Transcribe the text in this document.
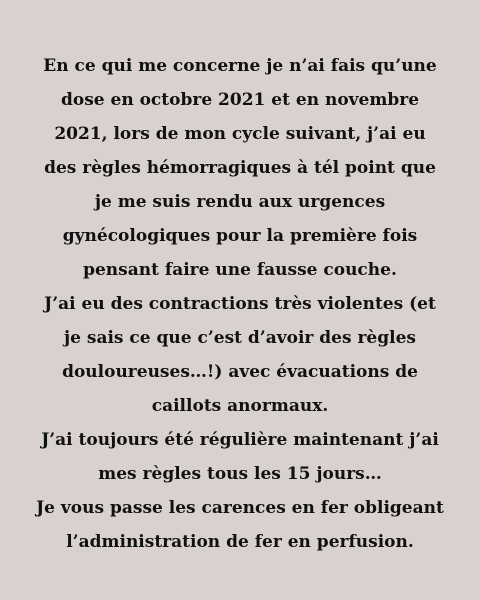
En ce qui me concerne je n’ai fais qu’une
dose en octobre 2021 et en novembre
2021, lors de mon cycle suivant, j’ai eu
des règles hémorragiques à tél point que
je me suis rendu aux urgences
gynécologiques pour la première fois
pensant faire une fausse couche.
J’ai eu des contractions très violentes (et
je sais ce que c’est d’avoir des règles
douloureuses…!) avec évacuations de
caillots anormaux.
J’ai toujours été régulière maintenant j’ai
mes règles tous les 15 jours…
Je vous passe les carences en fer obligeant
l’administration de fer en perfusion.
